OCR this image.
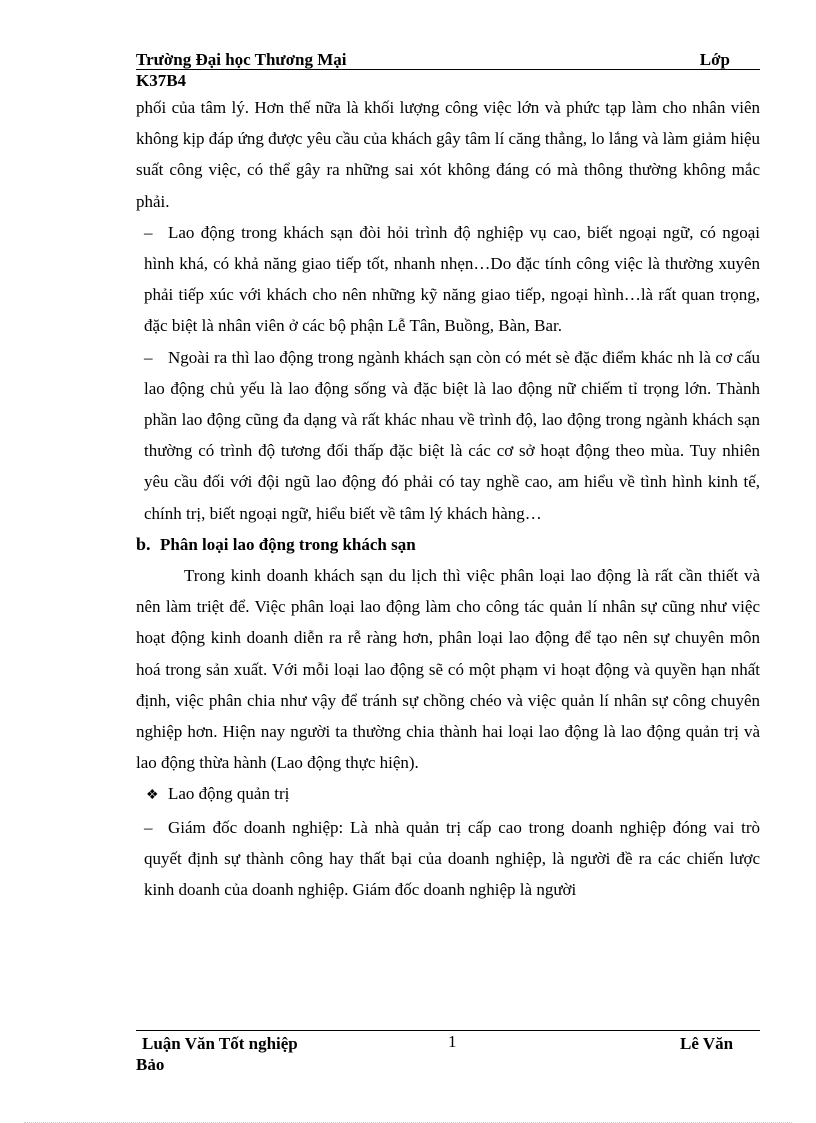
Trường Đại học Thương Mại	Lớp
K37B4

phối của tâm lý. Hơn thế nữa là khối lượng công việc lớn và phức tạp làm cho nhân viên không kịp đáp ứng được yêu cầu của khách gây tâm lí căng thẳng, lo lắng và làm giảm hiệu suất công việc, có thể gây ra những sai xót không đáng có mà thông thường không mắc phải.

– Lao động trong khách sạn đòi hỏi trình độ nghiệp vụ cao, biết ngoại ngữ, có ngoại hình khá, có khả năng giao tiếp tốt, nhanh nhẹn…Do đặc tính công việc là thường xuyên phải tiếp xúc với khách cho nên những kỹ năng giao tiếp, ngoại hình…là rất quan trọng, đặc biệt là nhân viên ở các bộ phận Lễ Tân, Buồng, Bàn, Bar.

– Ngoài ra thì lao động trong ngành khách sạn còn có mét sè đặc điểm khác nh là cơ cấu lao động chủ yếu là lao động sống và đặc biệt là lao động nữ chiếm tỉ trọng lớn. Thành phần lao động cũng đa dạng và rất khác nhau về trình độ, lao động trong ngành khách sạn thường có trình độ tương đối thấp đặc biệt là các cơ sở hoạt động theo mùa. Tuy nhiên yêu cầu đối với đội ngũ lao động đó phải có tay nghề cao, am hiểu về tình hình kinh tế, chính trị, biết ngoại ngữ, hiểu biết về tâm lý khách hàng…

b. Phân loại lao động trong khách sạn

Trong kinh doanh khách sạn du lịch thì việc phân loại lao động là rất cần thiết và nên làm triệt để. Việc phân loại lao động làm cho công tác quản lí nhân sự cũng như việc hoạt động kinh doanh diễn ra rễ ràng hơn, phân loại lao động để tạo nên sự chuyên môn hoá trong sản xuất. Với mỗi loại lao động sẽ có một phạm vi hoạt động và quyền hạn nhất định, việc phân chia như vậy để tránh sự chồng chéo và việc quản lí nhân sự công chuyên nghiệp hơn. Hiện nay người ta thường chia thành hai loại lao động là lao động quản trị và lao động thừa hành (Lao động thực hiện).

❖ Lao động quản trị

– Giám đốc doanh nghiệp: Là nhà quản trị cấp cao trong doanh nghiệp đóng vai trò quyết định sự thành công hay thất bại của doanh nghiệp, là người đề ra các chiến lược kinh doanh của doanh nghiệp. Giám đốc doanh nghiệp là người

Luận Văn Tốt nghiệp	1	Lê Văn
Bảo
